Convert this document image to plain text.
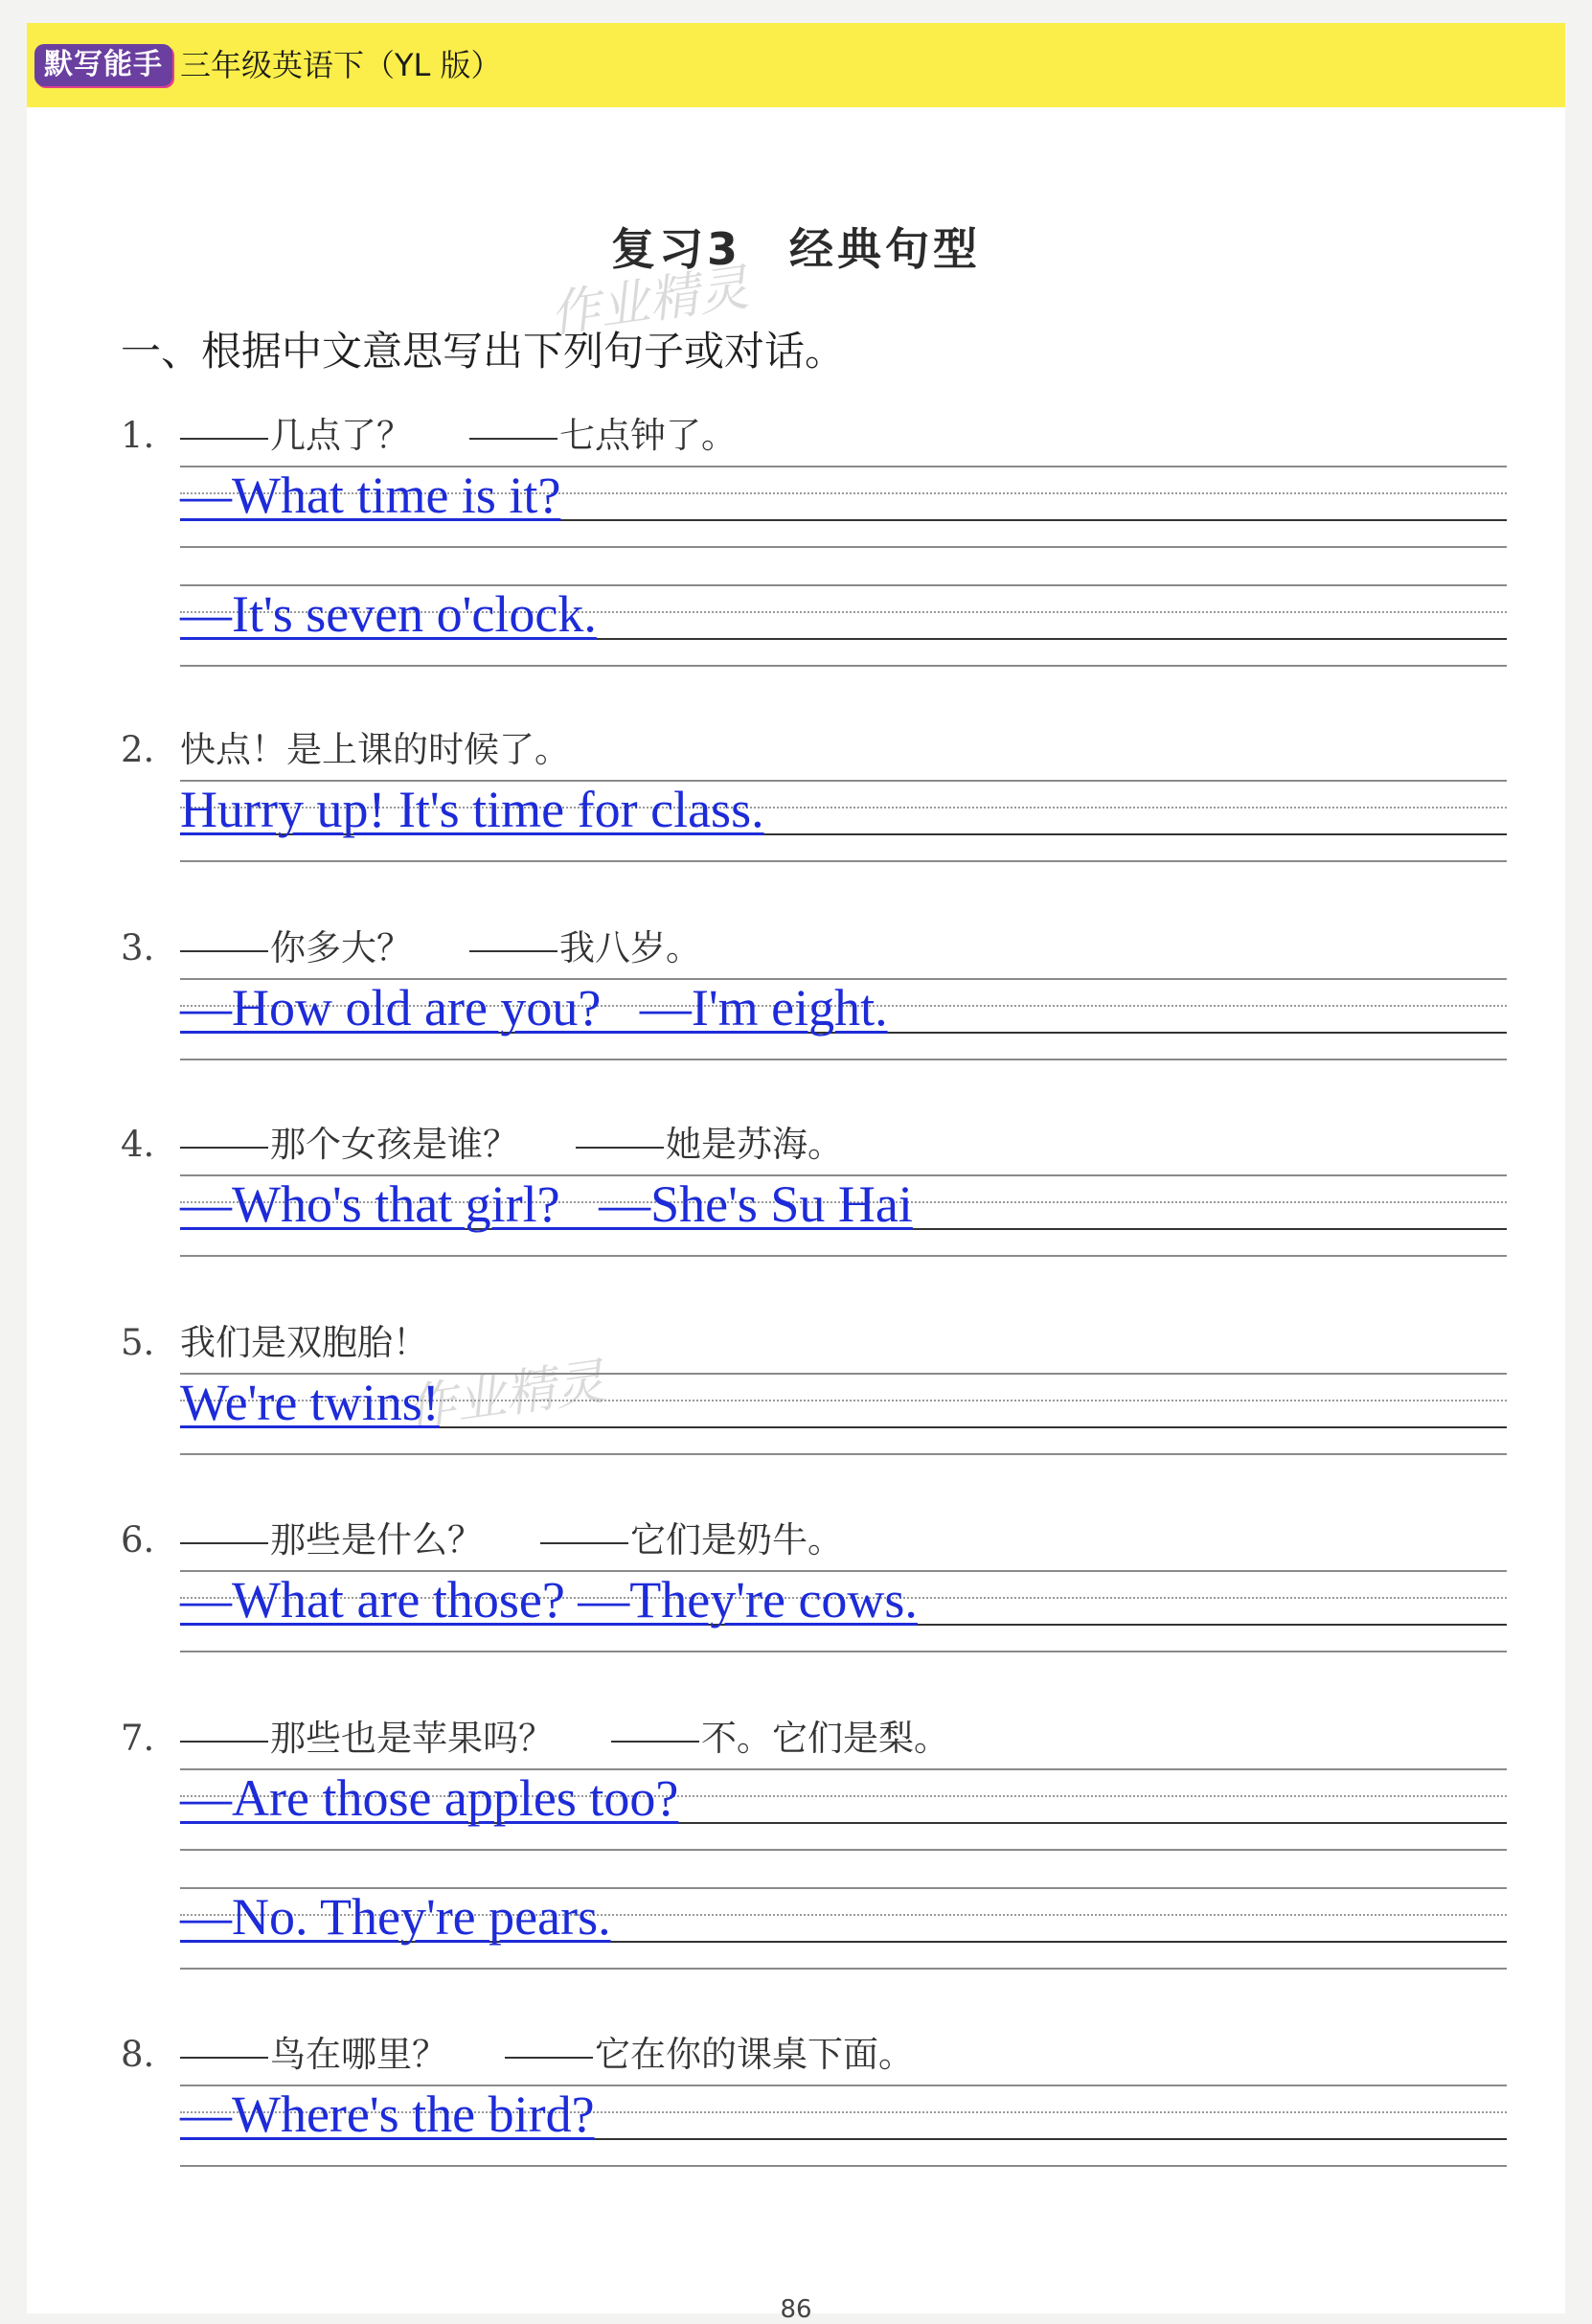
默写能手 三年级英语下（YL 版）
复习3　经典句型
一、根据中文意思写出下列句子或对话。
作业精灵
作业精灵
1.	几点了？	七点钟了。
—What time is it?
—It's seven o'clock.
2. 快点！是上课的时候了。
Hurry up! It's time for class.
3.	你多大？	我八岁。
—How old are you?   —I'm eight.
4.	那个女孩是谁？	她是苏海。
—Who's that girl?   —She's Su Hai
5. 我们是双胞胎！
We're twins!
6.	那些是什么？	它们是奶牛。
—What are those? —They're cows.
7.	那些也是苹果吗？	不。它们是梨。
—Are those apples too?
—No. They're pears.
8.	鸟在哪里？	它在你的课桌下面。
—Where's the bird?
86
